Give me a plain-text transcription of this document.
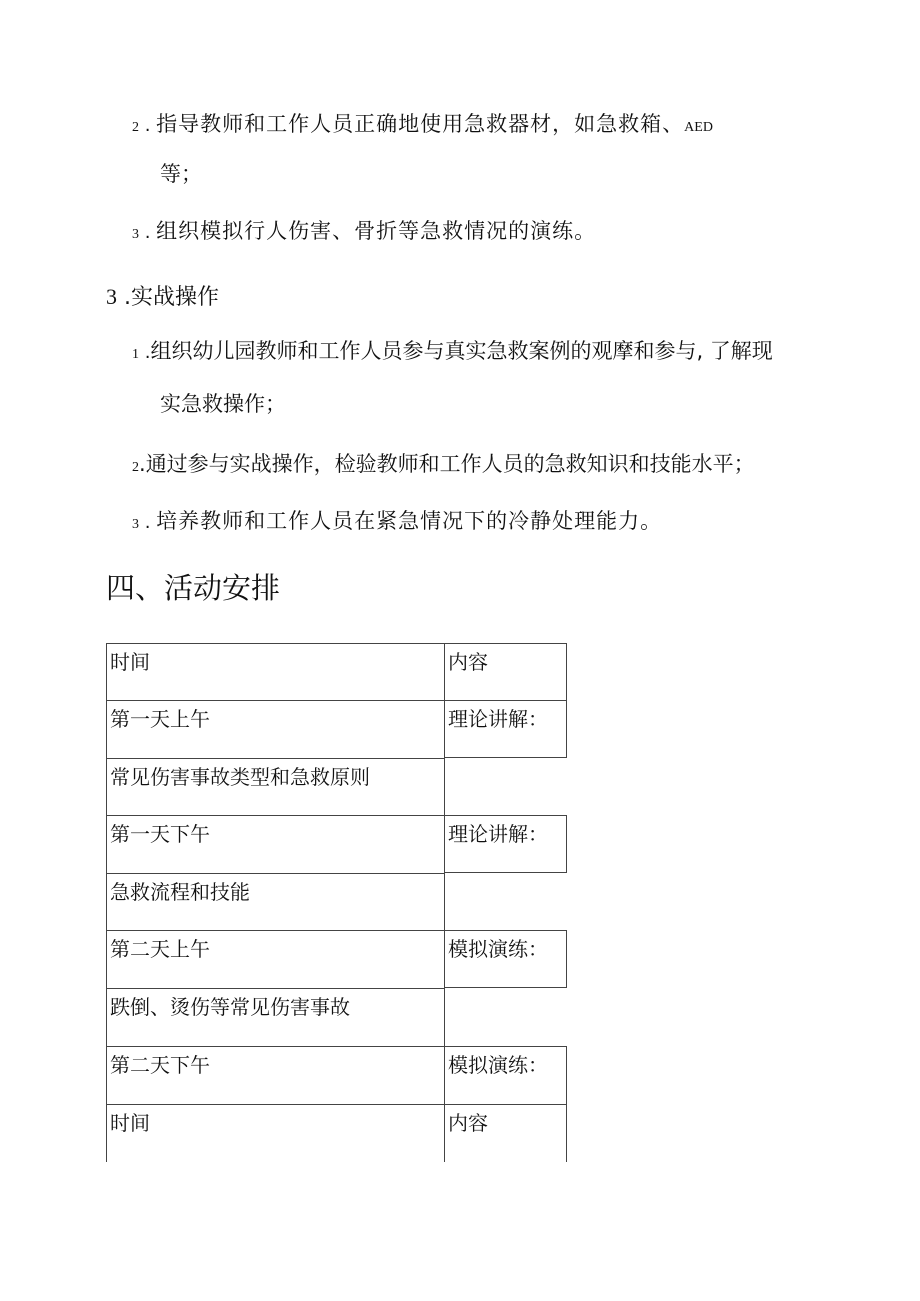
2 . 指导教师和工作人员正确地使用急救器材，如急救箱、AED
等；
3 . 组织模拟行人伤害、骨折等急救情况的演练。
3 .实战操作
1 .组织幼儿园教师和工作人员参与真实急救案例的观摩和参与, 了解现
实急救操作；
2.通过参与实战操作，检验教师和工作人员的急救知识和技能水平；
3 . 培养教师和工作人员在紧急情况下的冷静处理能力。
四、活动安排
时间	内容
第一天上午	理论讲解：
常见伤害事故类型和急救原则
第一天下午	理论讲解：
急救流程和技能
第二天上午	模拟演练：
跌倒、烫伤等常见伤害事故
第二天下午	模拟演练：
时间	内容
